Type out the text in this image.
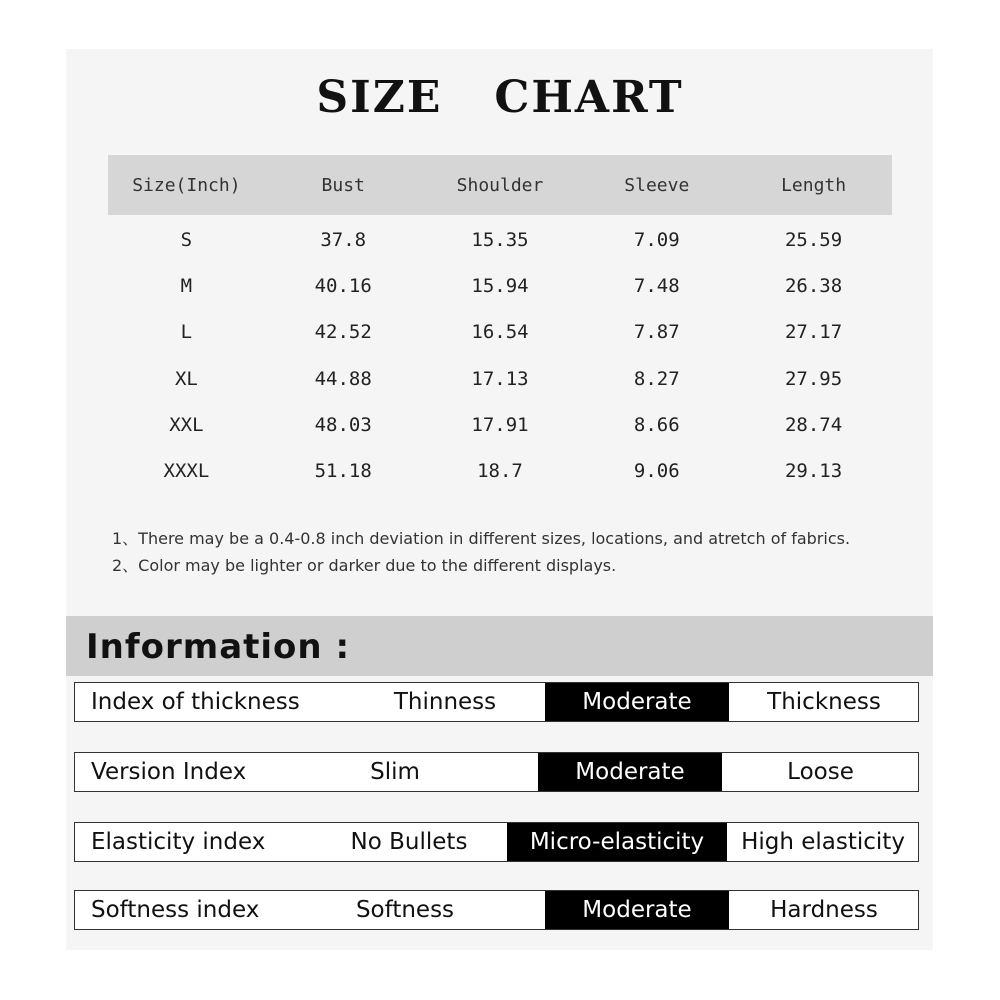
SIZE   CHART
Size(Inch)	Bust	Shoulder	Sleeve	Length
S	37.8	15.35	7.09	25.59
M	40.16	15.94	7.48	26.38
L	42.52	16.54	7.87	27.17
XL	44.88	17.13	8.27	27.95
XXL	48.03	17.91	8.66	28.74
XXXL	51.18	18.7	9.06	29.13
1、There may be a 0.4-0.8 inch deviation in different sizes, locations, and atretch of fabrics.
2、Color may be lighter or darker due to the different displays.
Information :
Index of thickness	Thinness	Moderate	Thickness
Version Index	Slim	Moderate	Loose
Elasticity index	No Bullets	Micro-elasticity	High elasticity
Softness index	Softness	Moderate	Hardness
